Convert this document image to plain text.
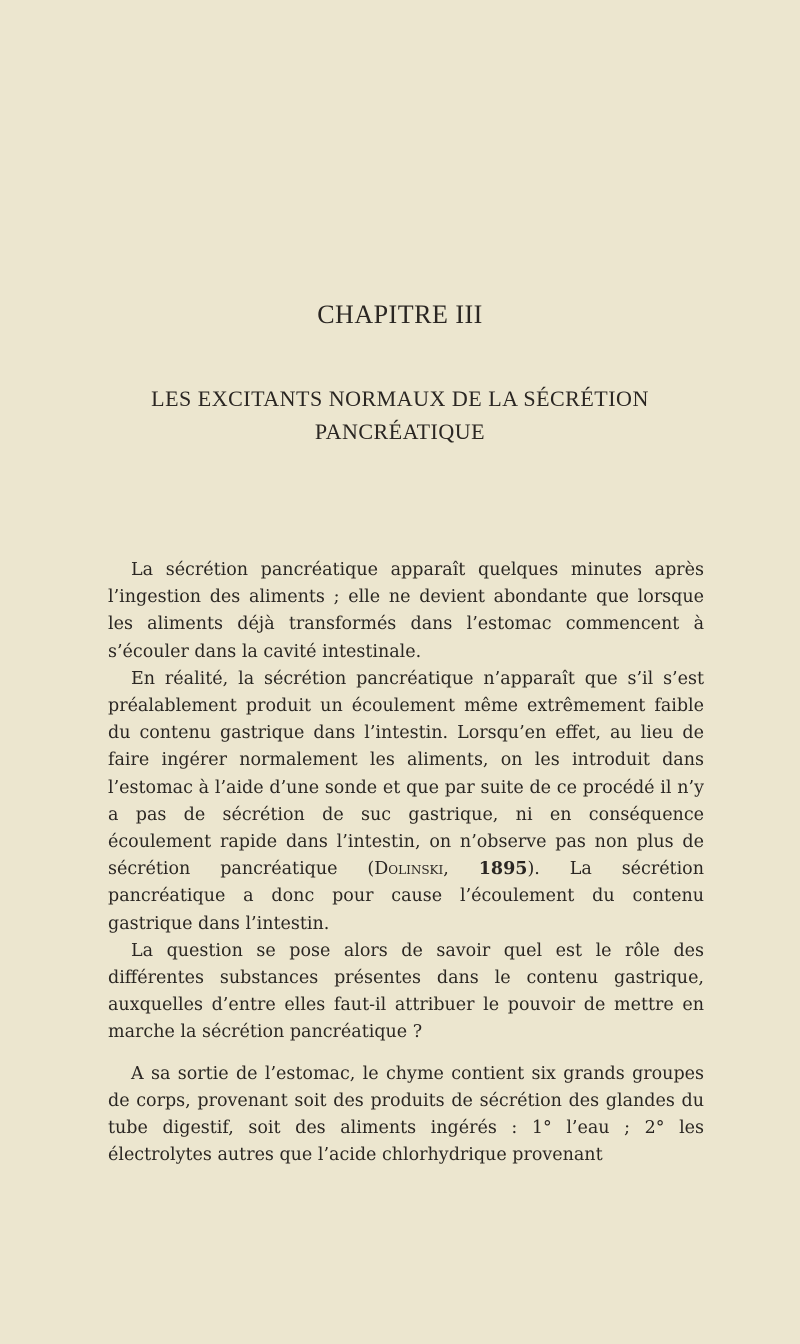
CHAPITRE III
LES EXCITANTS NORMAUX DE LA SÉCRÉTION
PANCRÉATIQUE

La sécrétion pancréatique apparaît quelques minutes après l’ingestion des aliments ; elle ne devient abondante que lorsque les aliments déjà transformés dans l’estomac commencent à s’écouler dans la cavité intestinale.

En réalité, la sécrétion pancréatique n’apparaît que s’il s’est préalablement produit un écoulement même extrêmement faible du contenu gastrique dans l’intestin. Lorsqu’en effet, au lieu de faire ingérer normalement les aliments, on les introduit dans l’estomac à l’aide d’une sonde et que par suite de ce procédé il n’y a pas de sécrétion de suc gastrique, ni en conséquence écoulement rapide dans l’intestin, on n’observe pas non plus de sécrétion pancréatique (Dolinski, 1895). La sécrétion pancréatique a donc pour cause l’écoulement du contenu gastrique dans l’intestin.

La question se pose alors de savoir quel est le rôle des différentes substances présentes dans le contenu gastrique, auxquelles d’entre elles faut-il attribuer le pouvoir de mettre en marche la sécrétion pancréatique ?

A sa sortie de l’estomac, le chyme contient six grands groupes de corps, provenant soit des produits de sécrétion des glandes du tube digestif, soit des aliments ingérés : 1° l’eau ; 2° les électrolytes autres que l’acide chlorhydrique provenant
